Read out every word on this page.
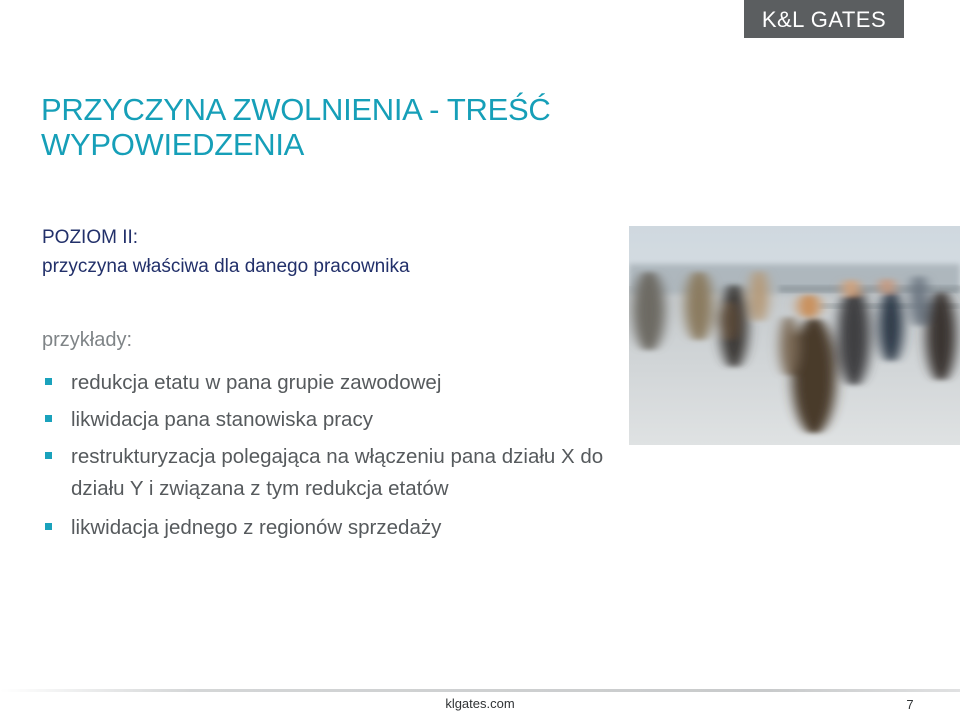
K&L GATES
PRZYCZYNA ZWOLNIENIA - TREŚĆ WYPOWIEDZENIA
POZIOM II:
przyczyna właściwa dla danego pracownika
przykłady:
redukcja etatu w pana grupie zawodowej
likwidacja pana stanowiska pracy
restrukturyzacja polegająca na włączeniu pana działu X do działu Y i związana z tym redukcja etatów
likwidacja jednego z regionów sprzedaży
klgates.com	7
